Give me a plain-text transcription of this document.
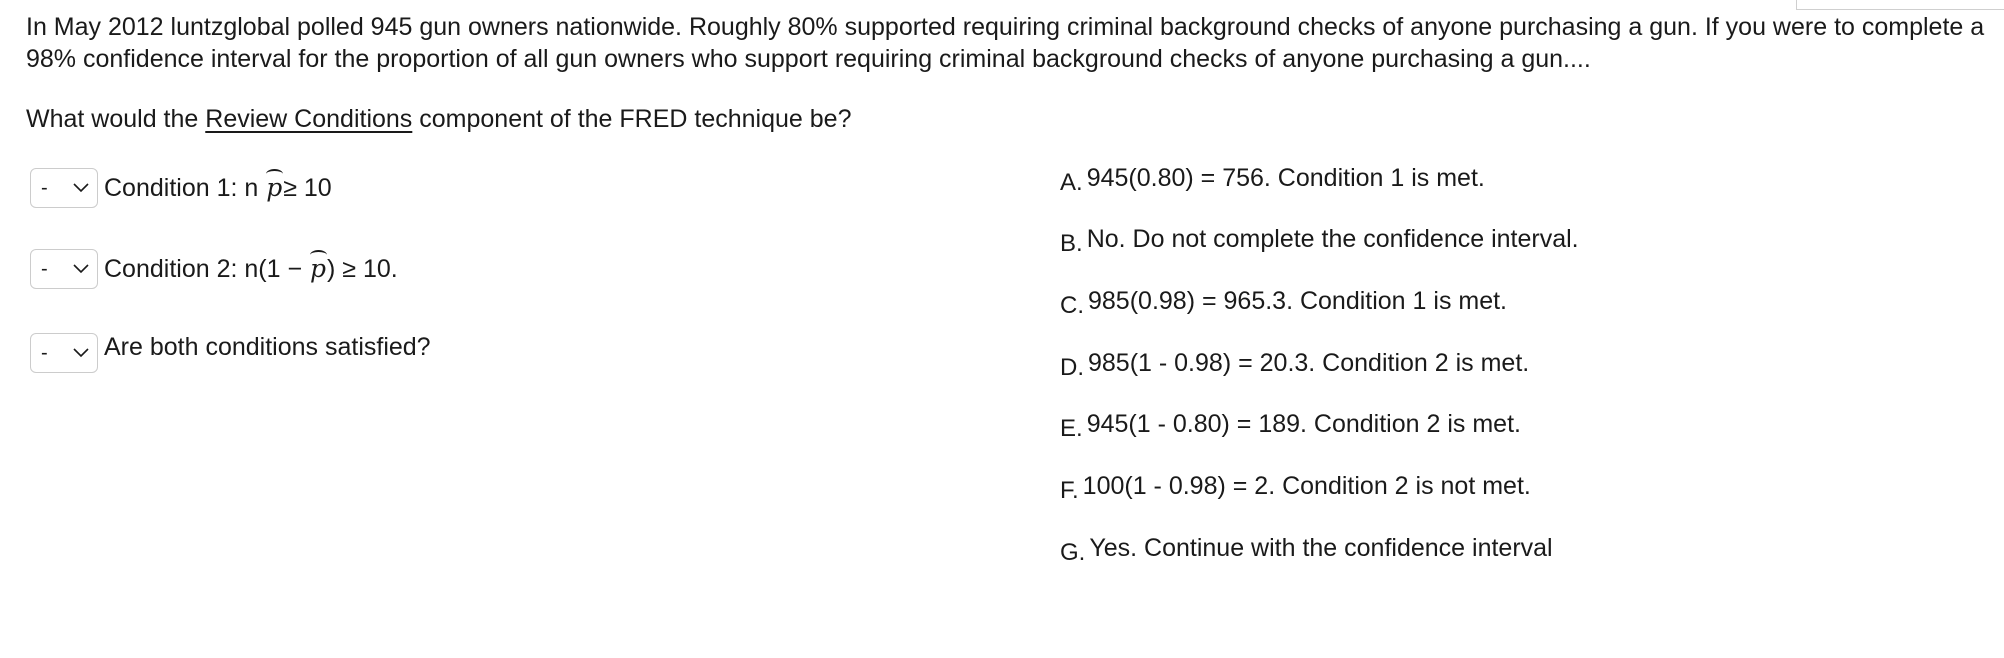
In May 2012 luntzglobal polled 945 gun owners nationwide. Roughly 80% supported requiring criminal background checks of anyone purchasing a gun. If you were to complete a 98% confidence interval for the proportion of all gun owners who support requiring criminal background checks of anyone purchasing a gun....

What would the Review Conditions component of the FRED technique be?

- Condition 1: n p≥ 10
- Condition 2: n(1 − p) ≥ 10.
- Are both conditions satisfied?
A. 945(0.80) = 756. Condition 1 is met.
B. No. Do not complete the confidence interval.
C. 985(0.98) = 965.3. Condition 1 is met.
D. 985(1 - 0.98) = 20.3. Condition 2 is met.
E. 945(1 - 0.80) = 189. Condition 2 is met.
F. 100(1 - 0.98) = 2. Condition 2 is not met.
G. Yes. Continue with the confidence interval
